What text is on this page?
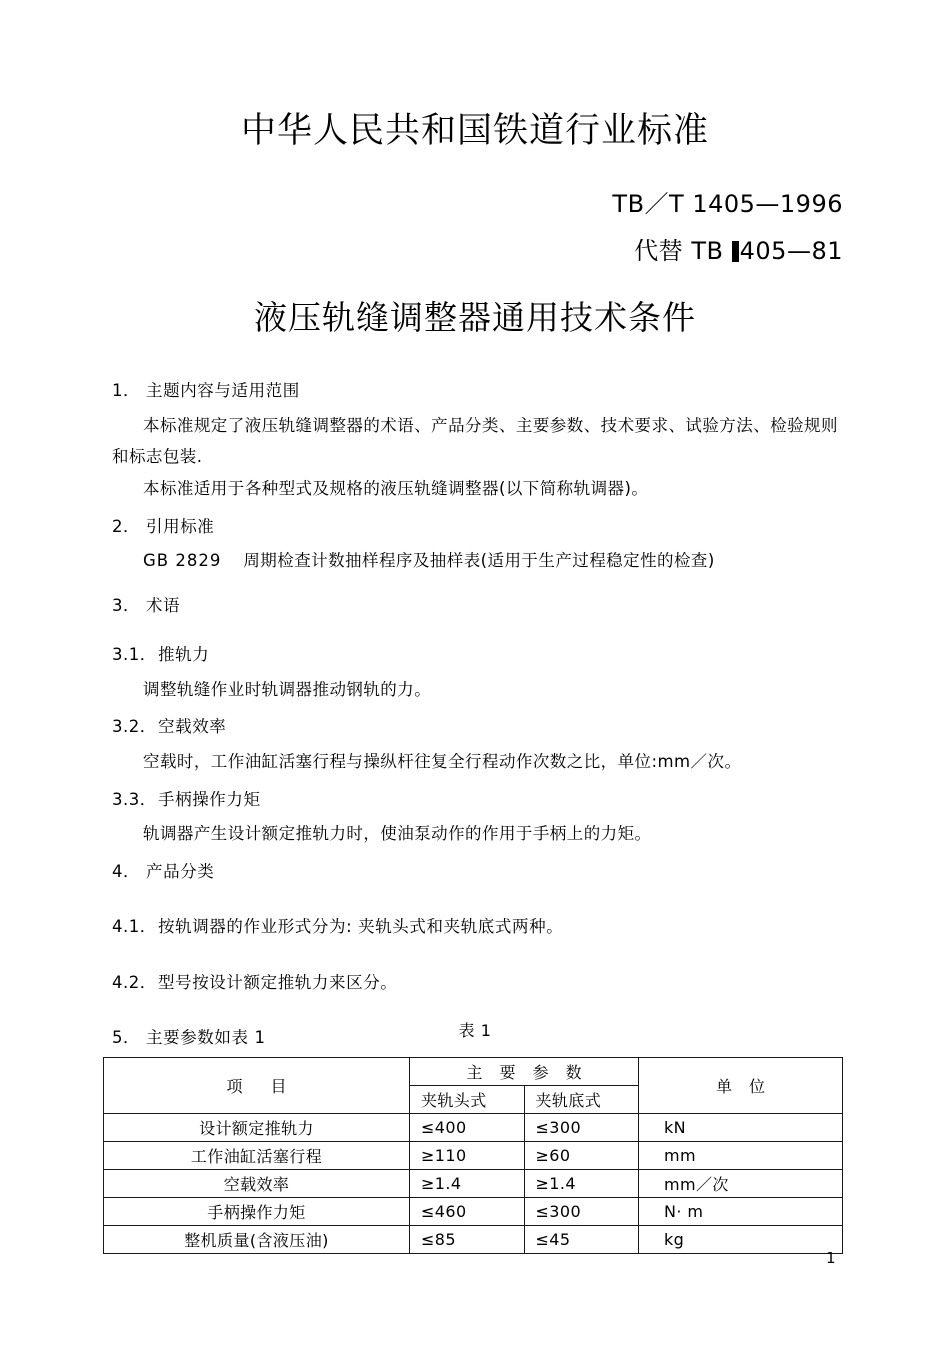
中华人民共和国铁道行业标准
TB／T 1405—1996
代替 TB 405—81
液压轨缝调整器通用技术条件
1． 主题内容与适用范围

本标准规定了液压轨缝调整器的术语、产品分类、主要参数、技术要求、试验方法、检验规则

和标志包装.

本标准适用于各种型式及规格的液压轨缝调整器(以下简称轨调器)。

2． 引用标准
GB 2829 周期检查计数抽样程序及抽样表(适用于生产过程稳定性的检查)
3． 术语
3.1． 推轨力

调整轨缝作业时轨调器推动钢轨的力。

3.2． 空载效率

空载时，工作油缸活塞行程与操纵杆往复全行程动作次数之比，单位:mm／次。

3.3． 手柄操作力矩

轨调器产生设计额定推轨力时，使油泵动作的作用于手柄上的力矩。

4． 产品分类
4.1． 按轨调器的作业形式分为: 夹轨头式和夹轨底式两种。
4.2． 型号按设计额定推轨力来区分。
5． 主要参数如表 1	表 1
项　目	主 要 参 数		单 位
	夹轨头式	夹轨底式	
设计额定推轨力	≤400	≤300	kN
工作油缸活塞行程	≥110	≥60	mm
空载效率	≥1.4	≥1.4	mm／次
手柄操作力矩	≤460	≤300	N· m
整机质量(含液压油)	≤85	≤45	kg
1
